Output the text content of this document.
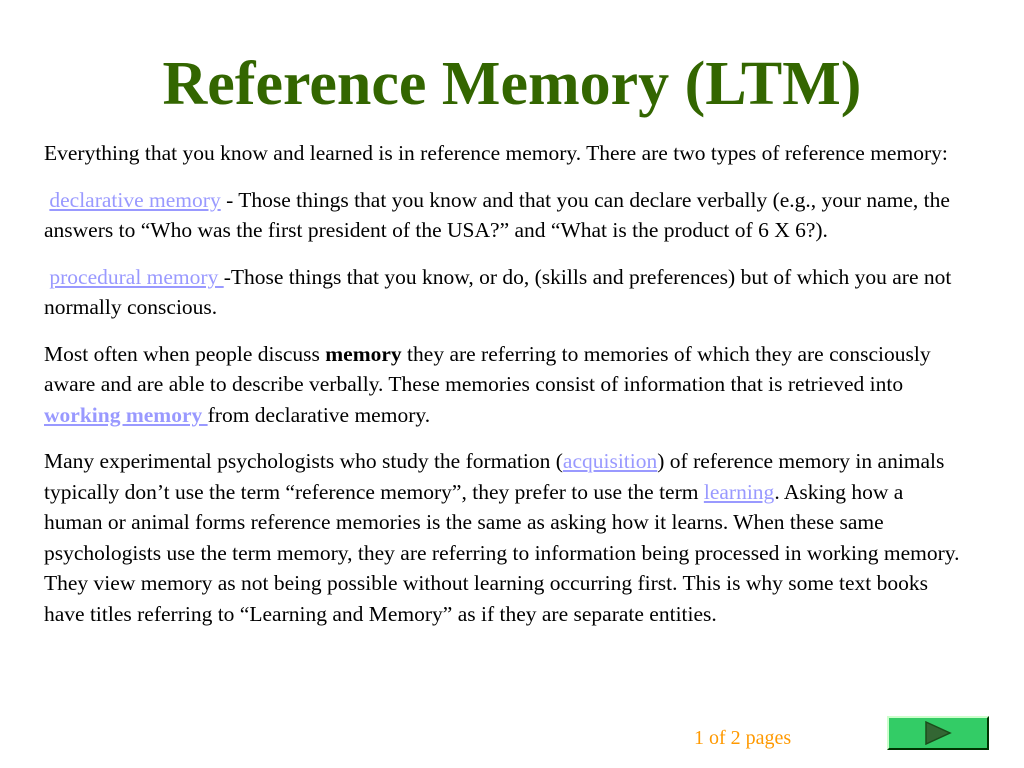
Reference Memory (LTM)

Everything that you know and learned is in reference memory. There are two types of reference memory:

declarative memory - Those things that you know and that you can declare verbally (e.g., your name, the answers to “Who was the first president of the USA?” and “What is the product of 6 X 6?).

procedural memory -Those things that you know, or do, (skills and preferences) but of which you are not normally conscious.

Most often when people discuss memory they are referring to memories of which they are consciously aware and are able to describe verbally. These memories consist of information that is retrieved into working memory from declarative memory.

Many experimental psychologists who study the formation (acquisition) of reference memory in animals typically don’t use the term “reference memory”, they prefer to use the term learning. Asking how a human or animal forms reference memories is the same as asking how it learns. When these same psychologists use the term memory, they are referring to information being processed in working memory. They view memory as not being possible without learning occurring first. This is why some text books have titles referring to “Learning and Memory” as if they are separate entities.

1 of 2 pages
